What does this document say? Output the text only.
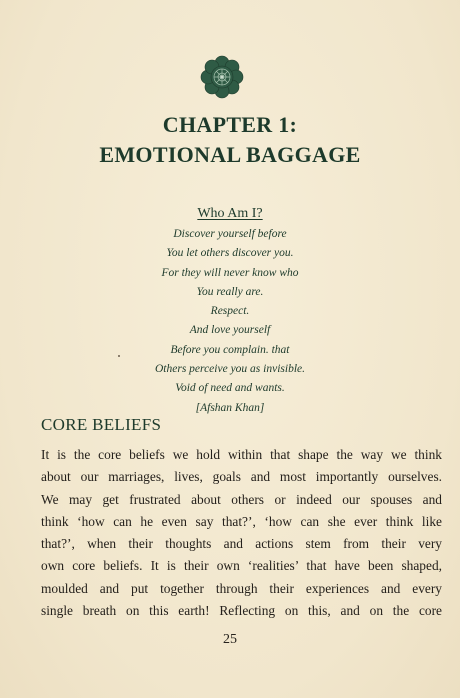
CHAPTER 1:
EMOTIONAL BAGGAGE

Who Am I?

Discover yourself before

You let others discover you.

For they will never know who

You really are.

Respect.

And love yourself

Before you complain. that

Others perceive you as invisible.

Void of need and wants.

[Afshan Khan]

CORE BELIEFS
It is the core beliefs we hold within that shape the way we think
about our marriages, lives, goals and most importantly ourselves.
We may get frustrated about others or indeed our spouses and
think ‘how can he even say that?’, ‘how can she ever think like
that?’, when their thoughts and actions stem from their very
own core beliefs. It is their own ‘realities’ that have been shaped,
moulded and put together through their experiences and every
single breath on this earth! Reflecting on this, and on the core
25
